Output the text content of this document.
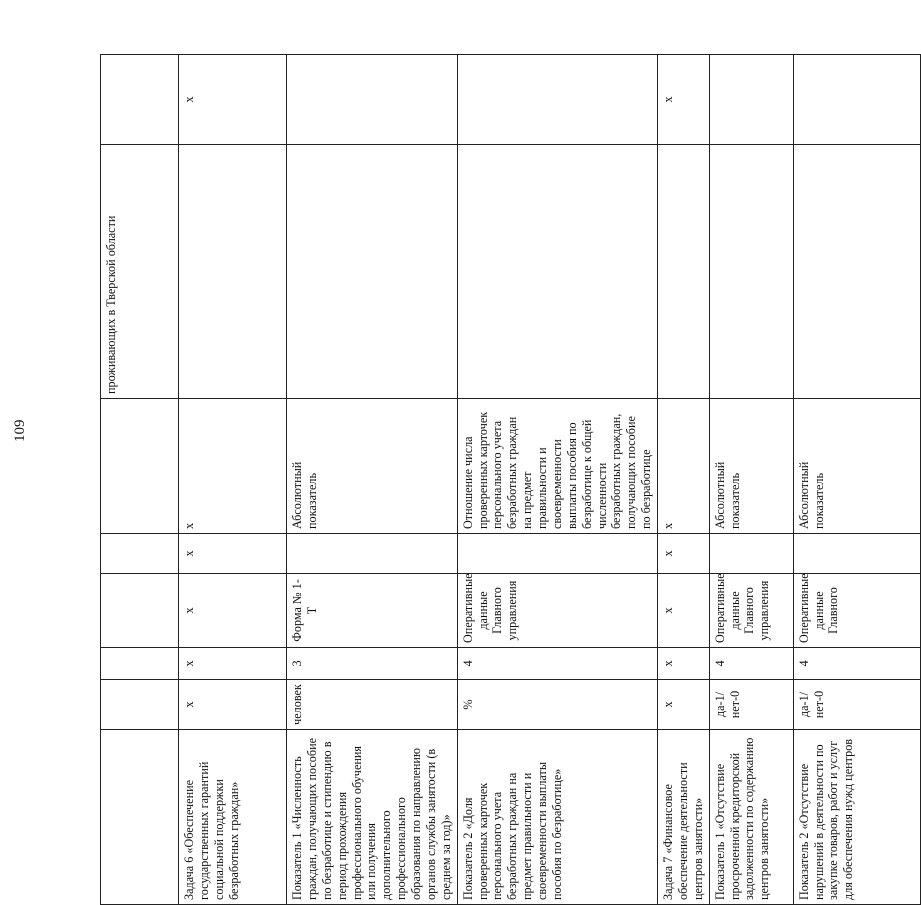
109
						проживающих в Тверской области	
Задача 6 «Обеспечение государственных гарантий социальной поддержки безработных граждан»	x	x	x	x	x		x
Показатель 1 «Численность граждан, получающих пособие по безработице и стипендию в период прохождения профессионального обучения или получения дополнительного профессионального образования по направлению органов службы занятости (в среднем за год)»	человек	3	Форма № 1-Т		Абсолютный показатель		
Показатель 2 «Доля проверенных карточек персонального учета безработных граждан на предмет правильности и своевременности выплаты пособия по безработице»	%	4	Оперативные данные Главного управления		Отношение числа проверенных карточек персонального учета безработных граждан на предмет правильности и своевременности выплаты пособия по безработице к общей численности безработных граждан, получающих пособие по безработице		
Задача 7 «Финансовое обеспечение деятельности центров занятости»	x	x	x	x	x		x
Показатель 1 «Отсутствие просроченной кредиторской задолженности по содержанию центров занятости»	да-1/ нет-0	4	Оперативные данные Главного управления		Абсолютный показатель		
Показатель 2 «Отсутствие нарушений в деятельности по закупке товаров, работ и услуг для обеспечения нужд центров	да-1/ нет-0	4	Оперативные данные Главного		Абсолютный показатель		
